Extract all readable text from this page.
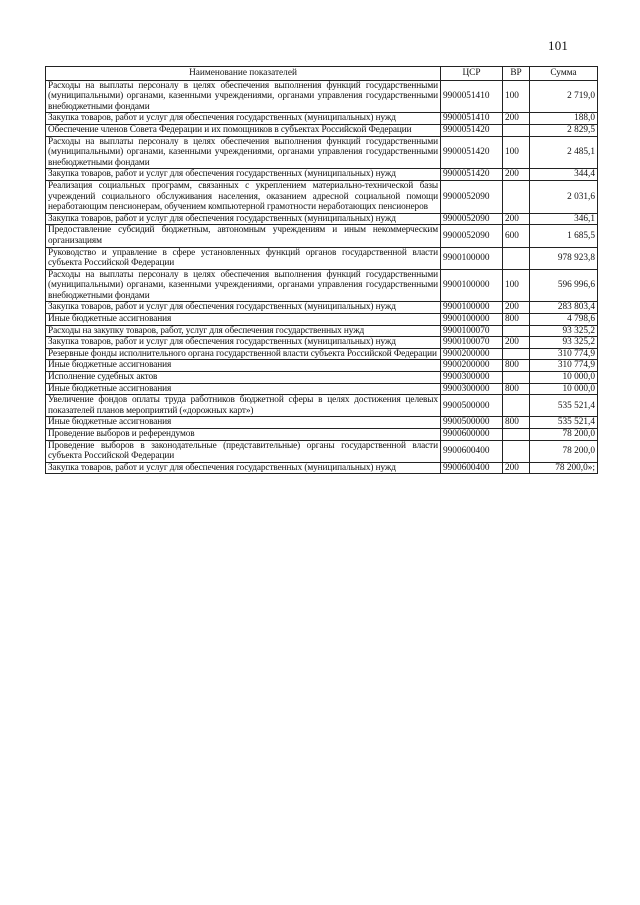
101
Наименование показателей	ЦСР	ВР	Сумма
Расходы на выплаты персоналу в целях обеспечения выполнения функций государственными (муниципальными) органами, казенными учреждениями, органами управления государственными внебюджетными фондами	9900051410	100	2 719,0
Закупка товаров, работ и услуг для обеспечения государственных (муниципальных) нужд	9900051410	200	188,0
Обеспечение членов Совета Федерации и их помощников в субъектах Российской Федерации	9900051420		2 829,5
Расходы на выплаты персоналу в целях обеспечения выполнения функций государственными (муниципальными) органами, казенными учреждениями, органами управления государственными внебюджетными фондами	9900051420	100	2 485,1
Закупка товаров, работ и услуг для обеспечения государственных (муниципальных) нужд	9900051420	200	344,4
Реализация социальных программ, связанных с укреплением материально-технической базы учреждений социального обслуживания населения, оказанием адресной социальной помощи неработающим пенсионерам, обучением компьютерной грамотности неработающих пенсионеров	9900052090		2 031,6
Закупка товаров, работ и услуг для обеспечения государственных (муниципальных) нужд	9900052090	200	346,1
Предоставление субсидий бюджетным, автономным учреждениям и иным некоммерческим организациям	9900052090	600	1 685,5
Руководство и управление в сфере установленных функций органов государственной власти субъекта Российской Федерации	9900100000		978 923,8
Расходы на выплаты персоналу в целях обеспечения выполнения функций государственными (муниципальными) органами, казенными учреждениями, органами управления государственными внебюджетными фондами	9900100000	100	596 996,6
Закупка товаров, работ и услуг для обеспечения государственных (муниципальных) нужд	9900100000	200	283 803,4
Иные бюджетные ассигнования	9900100000	800	4 798,6
Расходы на закупку товаров, работ, услуг для обеспечения государственных нужд	9900100070		93 325,2
Закупка товаров, работ и услуг для обеспечения государственных (муниципальных) нужд	9900100070	200	93 325,2
Резервные фонды исполнительного органа государственной власти субъекта Российской Федерации	9900200000		310 774,9
Иные бюджетные ассигнования	9900200000	800	310 774,9
Исполнение судебных актов	9900300000		10 000,0
Иные бюджетные ассигнования	9900300000	800	10 000,0
Увеличение фондов оплаты труда работников бюджетной сферы в целях достижения целевых показателей планов мероприятий («дорожных карт»)	9900500000		535 521,4
Иные бюджетные ассигнования	9900500000	800	535 521,4
Проведение выборов и референдумов	9900600000		78 200,0
Проведение выборов в законодательные (представительные) органы государственной власти субъекта Российской Федерации	9900600400		78 200,0
Закупка товаров, работ и услуг для обеспечения государственных (муниципальных) нужд	9900600400	200	78 200,0»;
